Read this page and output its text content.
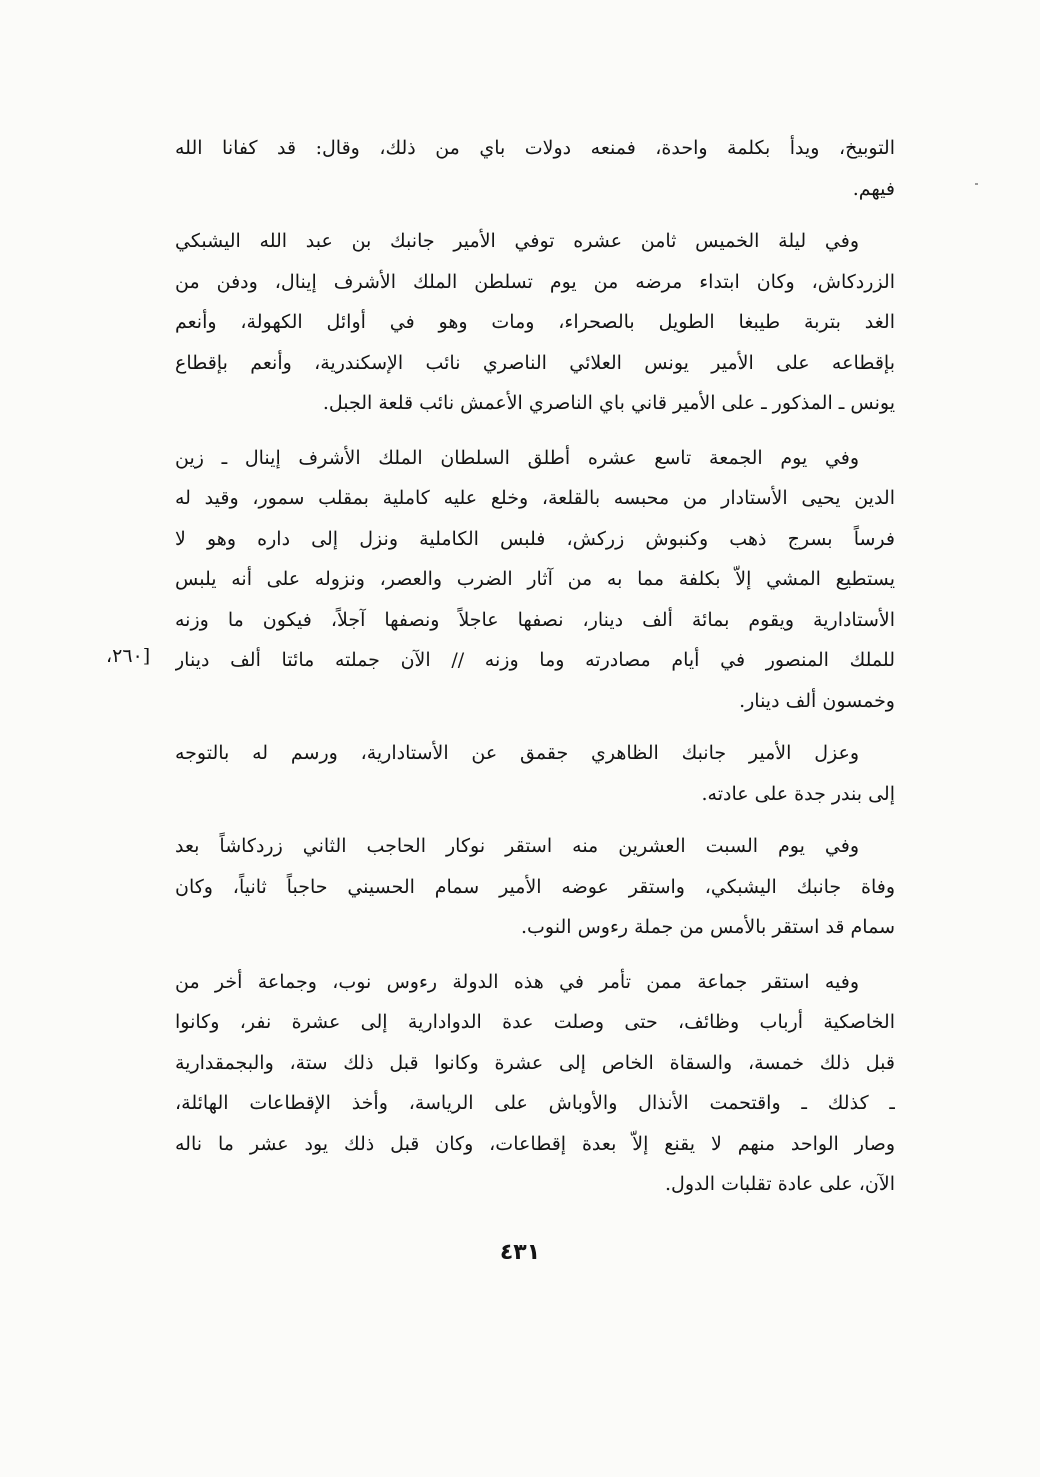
التوبيخ، ويدأ بكلمة واحدة، فمنعه دولات باي من ذلك، وقال: قد كفانا الله
فيهم.
وفي ليلة الخميس ثامن عشره توفي الأمير جانبك بن عبد الله اليشبكي
الزردكاش، وكان ابتداء مرضه من يوم تسلطن الملك الأشرف إينال، ودفن من
الغد بتربة طيبغا الطويل بالصحراء، ومات وهو في أوائل الكهولة، وأنعم
بإقطاعه على الأمير يونس العلائي الناصري نائب الإسكندرية، وأنعم بإقطاع
يونس ـ المذكور ـ على الأمير قاني باي الناصري الأعمش نائب قلعة الجبل.
وفي يوم الجمعة تاسع عشره أطلق السلطان الملك الأشرف إينال ـ زين
الدين يحيى الأستادار من محبسه بالقلعة، وخلع عليه كاملية بمقلب سمور، وقيد له
فرساً بسرج ذهب وكنبوش زركش، فلبس الكاملية ونزل إلى داره وهو لا
يستطيع المشي إلاّ بكلفة مما به من آثار الضرب والعصر، ونزوله على أنه يلبس
الأستادارية ويقوم بمائة ألف دينار، نصفها عاجلاً ونصفها آجلاً، فيكون ما وزنه
للملك المنصور في أيام مصادرته وما وزنه // الآن جملته مائتا ألف دينار
وخمسون ألف دينار.
وعزل الأمير جانبك الظاهري جقمق عن الأستادارية، ورسم له بالتوجه
إلى بندر جدة على عادته.
وفي يوم السبت العشرين منه استقر نوكار الحاجب الثاني زردكاشاً بعد
وفاة جانبك اليشبكي، واستقر عوضه الأمير سمام الحسيني حاجباً ثانياً، وكان
سمام قد استقر بالأمس من جملة رءوس النوب.
وفيه استقر جماعة ممن تأمر في هذه الدولة رءوس نوب، وجماعة أخر من
الخاصكية أرباب وظائف، حتى وصلت عدة الدوادارية إلى عشرة نفر، وكانوا
قبل ذلك خمسة، والسقاة الخاص إلى عشرة وكانوا قبل ذلك ستة، والبجمقدارية
ـ كذلك ـ واقتحمت الأنذال والأوباش على الرياسة، وأخذ الإقطاعات الهائلة،
وصار الواحد منهم لا يقنع إلاّ بعدة إقطاعات، وكان قبل ذلك يود عشر ما ناله
الآن، على عادة تقلبات الدول.
[٢٦٠،
٤٣١
